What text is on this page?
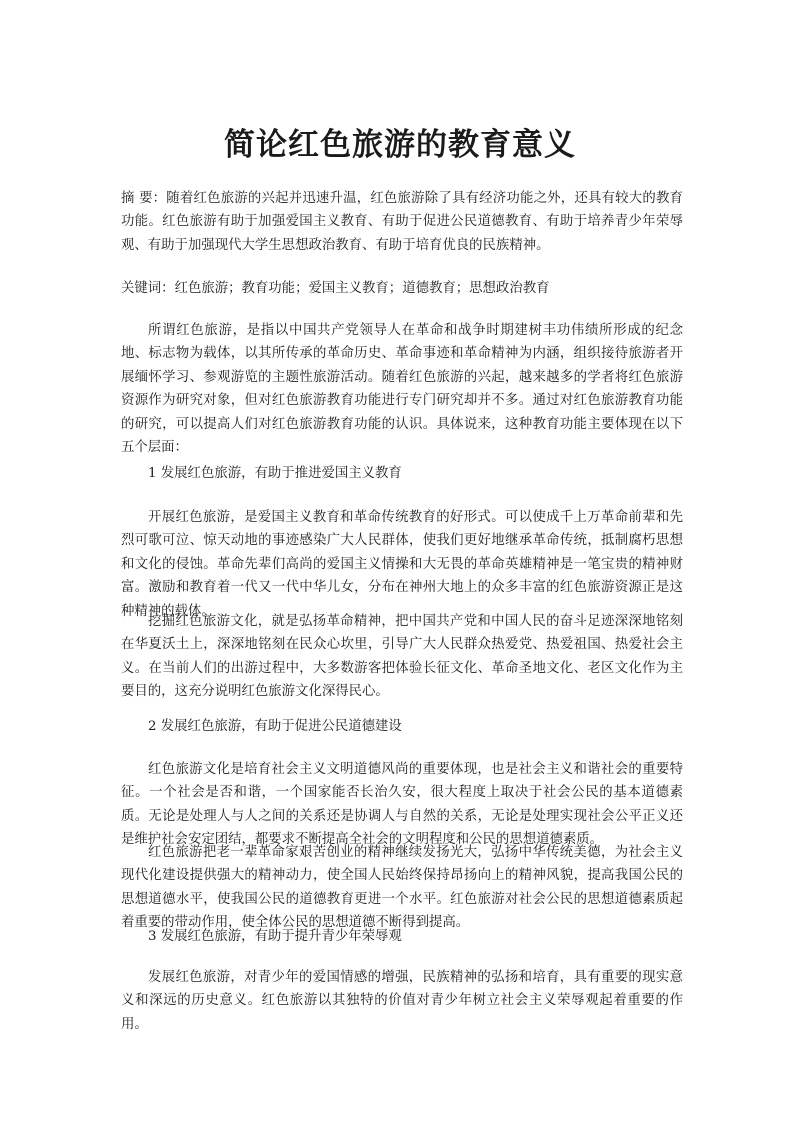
简论红色旅游的教育意义

摘 要：随着红色旅游的兴起并迅速升温，红色旅游除了具有经济功能之外，还具有较大的教育功能。红色旅游有助于加强爱国主义教育、有助于促进公民道德教育、有助于培养青少年荣辱观、有助于加强现代大学生思想政治教育、有助于培育优良的民族精神。

关键词：红色旅游；教育功能；爱国主义教育；道德教育；思想政治教育

所谓红色旅游，是指以中国共产党领导人在革命和战争时期建树丰功伟绩所形成的纪念地、标志物为载体，以其所传承的革命历史、革命事迹和革命精神为内涵，组织接待旅游者开展缅怀学习、参观游览的主题性旅游活动。随着红色旅游的兴起，越来越多的学者将红色旅游资源作为研究对象，但对红色旅游教育功能进行专门研究却并不多。通过对红色旅游教育功能的研究，可以提高人们对红色旅游教育功能的认识。具体说来，这种教育功能主要体现在以下五个层面：

1 发展红色旅游，有助于推进爱国主义教育

开展红色旅游，是爱国主义教育和革命传统教育的好形式。可以使成千上万革命前辈和先烈可歌可泣、惊天动地的事迹感染广大人民群体，使我们更好地继承革命传统，抵制腐朽思想和文化的侵蚀。革命先辈们高尚的爱国主义情操和大无畏的革命英雄精神是一笔宝贵的精神财富。激励和教育着一代又一代中华儿女，分布在神州大地上的众多丰富的红色旅游资源正是这种精神的载体。

挖掘红色旅游文化，就是弘扬革命精神，把中国共产党和中国人民的奋斗足迹深深地铭刻在华夏沃土上，深深地铭刻在民众心坎里，引导广大人民群众热爱党、热爱祖国、热爱社会主义。在当前人们的出游过程中，大多数游客把体验长征文化、革命圣地文化、老区文化作为主要目的，这充分说明红色旅游文化深得民心。

2 发展红色旅游，有助于促进公民道德建设

红色旅游文化是培育社会主义文明道德风尚的重要体现，也是社会主义和谐社会的重要特征。一个社会是否和谐，一个国家能否长治久安，很大程度上取决于社会公民的基本道德素质。无论是处理人与人之间的关系还是协调人与自然的关系，无论是处理实现社会公平正义还是维护社会安定团结，都要求不断提高全社会的文明程度和公民的思想道德素质。

红色旅游把老一辈革命家艰苦创业的精神继续发扬光大，弘扬中华传统美德，为社会主义现代化建设提供强大的精神动力，使全国人民始终保持昂扬向上的精神风貌，提高我国公民的思想道德水平，使我国公民的道德教育更进一个水平。红色旅游对社会公民的思想道德素质起着重要的带动作用，使全体公民的思想道德不断得到提高。

3 发展红色旅游，有助于提升青少年荣辱观

发展红色旅游，对青少年的爱国情感的增强，民族精神的弘扬和培育，具有重要的现实意义和深远的历史意义。红色旅游以其独特的价值对青少年树立社会主义荣辱观起着重要的作用。
